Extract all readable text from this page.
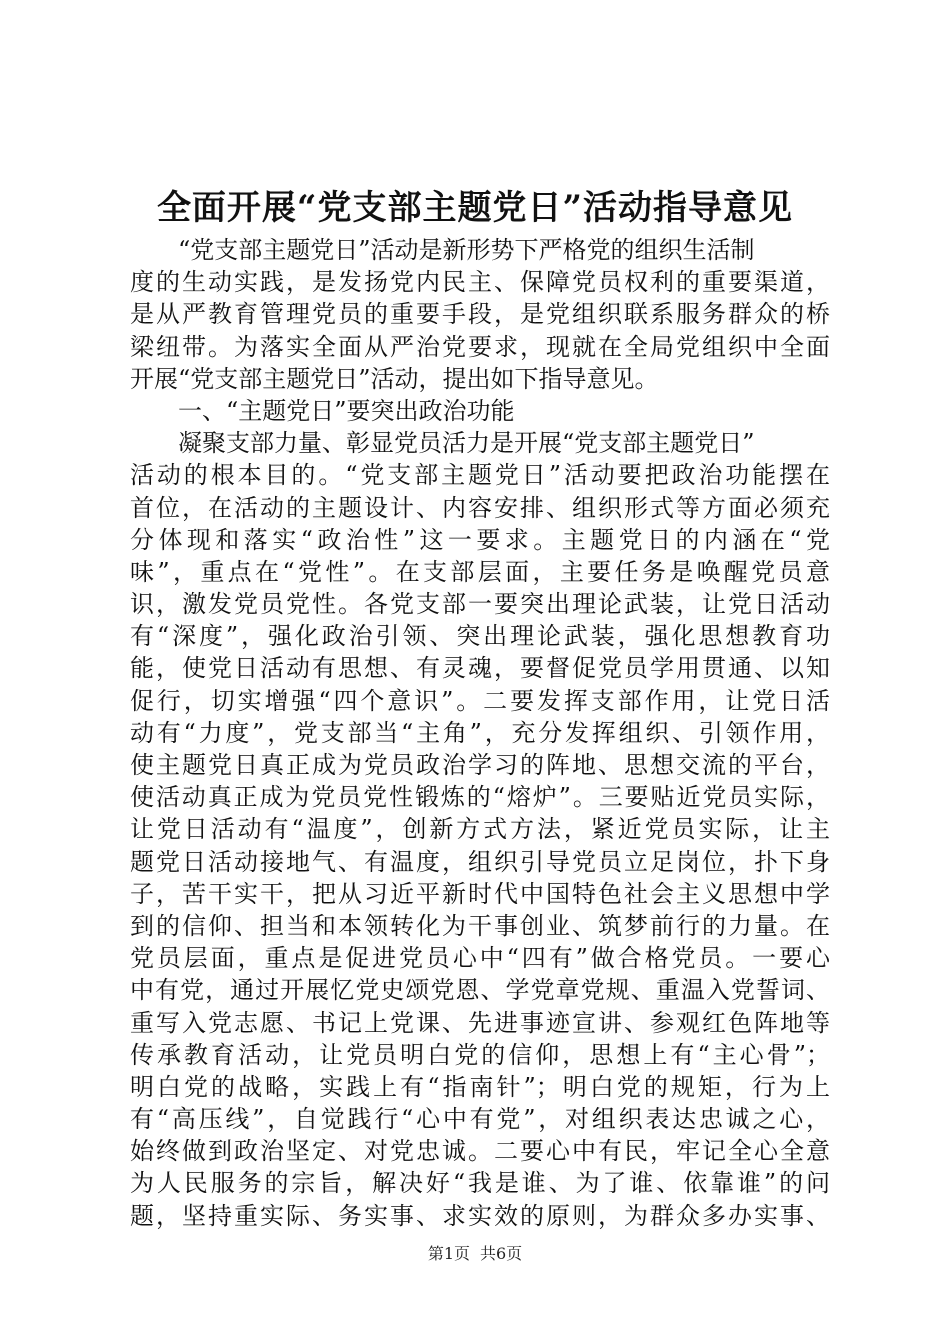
全面开展“党支部主题党日”活动指导意见
“党支部主题党日”活动是新形势下严格党的组织生活制
度的生动实践，是发扬党内民主、保障党员权利的重要渠道，
是从严教育管理党员的重要手段，是党组织联系服务群众的桥
梁纽带。为落实全面从严治党要求，现就在全局党组织中全面
开展“党支部主题党日”活动，提出如下指导意见。
一、“主题党日”要突出政治功能
凝聚支部力量、彰显党员活力是开展“党支部主题党日”
活动的根本目的。“党支部主题党日”活动要把政治功能摆在
首位，在活动的主题设计、内容安排、组织形式等方面必须充
分体现和落实“政治性”这一要求。主题党日的内涵在“党
味”，重点在“党性”。在支部层面，主要任务是唤醒党员意
识，激发党员党性。各党支部一要突出理论武装，让党日活动
有“深度”，强化政治引领、突出理论武装，强化思想教育功
能，使党日活动有思想、有灵魂，要督促党员学用贯通、以知
促行，切实增强“四个意识”。二要发挥支部作用，让党日活
动有“力度”，党支部当“主角”，充分发挥组织、引领作用，
使主题党日真正成为党员政治学习的阵地、思想交流的平台，
使活动真正成为党员党性锻炼的“熔炉”。三要贴近党员实际，
让党日活动有“温度”，创新方式方法，紧近党员实际，让主
题党日活动接地气、有温度，组织引导党员立足岗位，扑下身
子，苦干实干，把从习近平新时代中国特色社会主义思想中学
到的信仰、担当和本领转化为干事创业、筑梦前行的力量。在
党员层面，重点是促进党员心中“四有”做合格党员。一要心
中有党，通过开展忆党史颂党恩、学党章党规、重温入党誓词、
重写入党志愿、书记上党课、先进事迹宣讲、参观红色阵地等
传承教育活动，让党员明白党的信仰，思想上有“主心骨”；
明白党的战略，实践上有“指南针”；明白党的规矩，行为上
有“高压线”，自觉践行“心中有党”，对组织表达忠诚之心，
始终做到政治坚定、对党忠诚。二要心中有民，牢记全心全意
为人民服务的宗旨，解决好“我是谁、为了谁、依靠谁”的问
题，坚持重实际、务实事、求实效的原则，为群众多办实事、
第1页 共6页
